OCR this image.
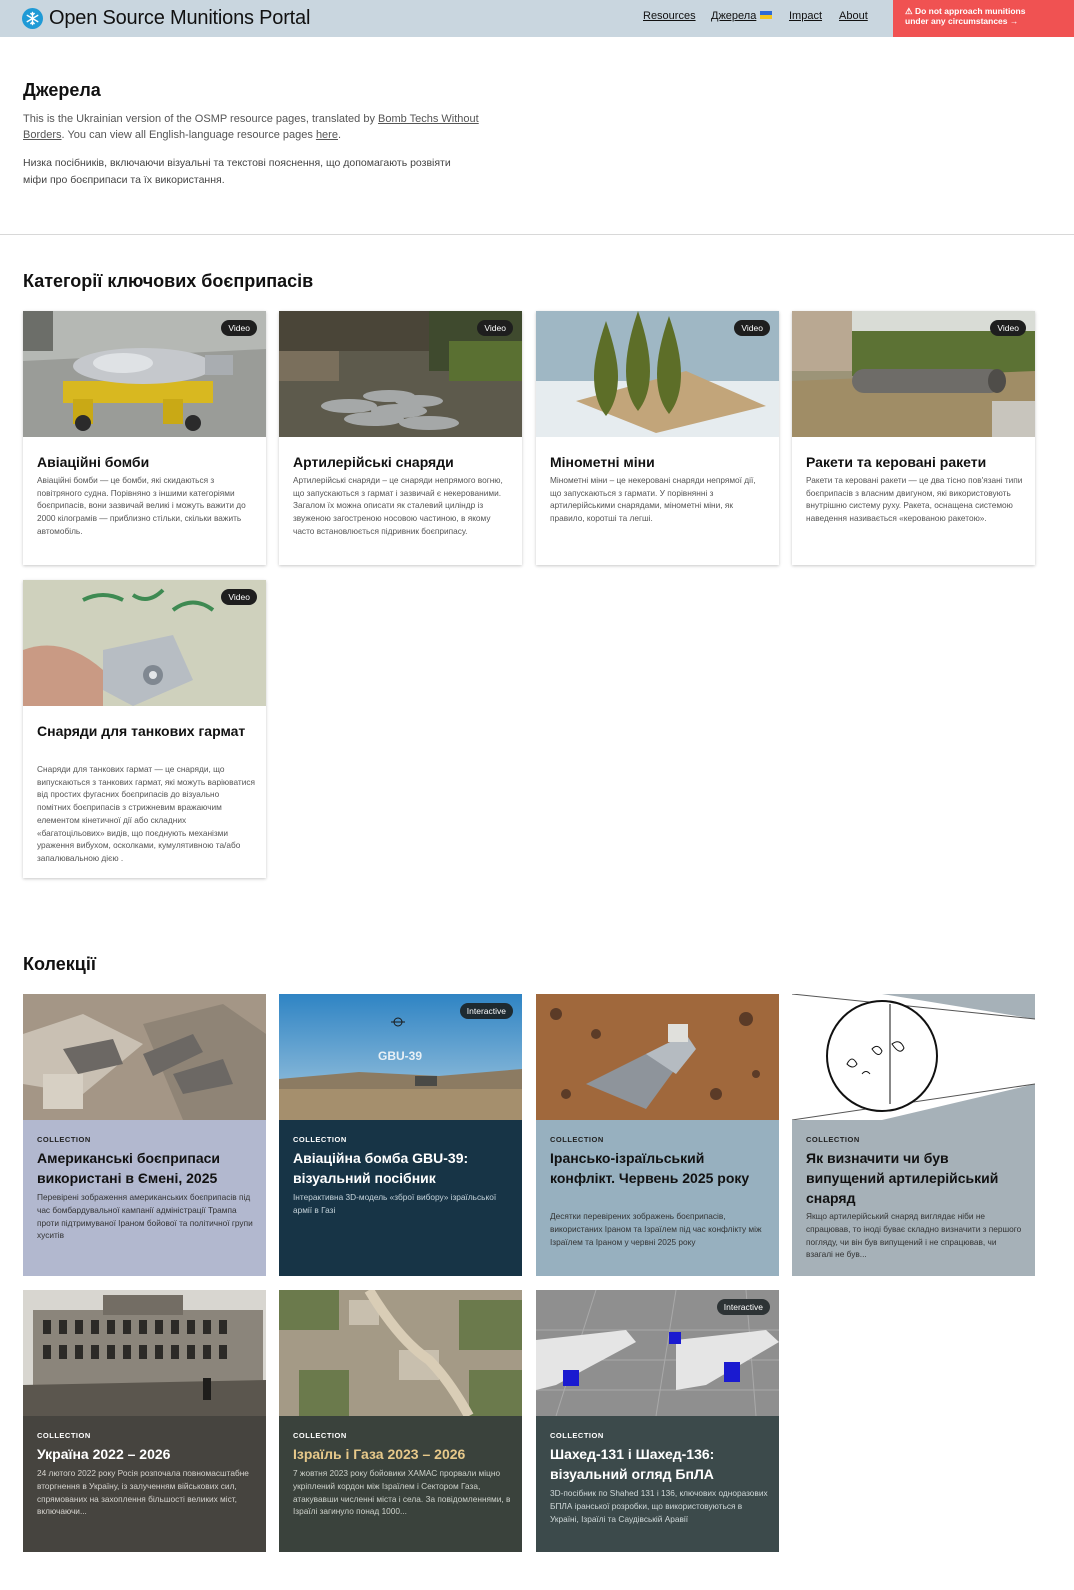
Open Source Munitions Portal	Resources Джерела	Impact About	⚠ Do not approach munitions
under any circumstances →
Джерела

This is the Ukrainian version of the OSMP resource pages, translated by Bomb Techs Without Borders. You can view all English-language resource pages here.

Низка посібників, включаючи візуальні та текстові пояснення, що допомагають розвіяти міфи про боєприпаси та їх використання.

Категорії ключових боєприпасів
Video
Авіаційні бомби
Авіаційні бомби — це бомби, які скидаються з повітряного судна. Порівняно з іншими категоріями боєприпасів, вони зазвичай великі і можуть важити до 2000 кілограмів — приблизно стільки, скільки важить автомобіль.
Video
Артилерійські снаряди
Артилерійські снаряди – це снаряди непрямого вогню, що запускаються з гармат і зазвичай є некерованими. Загалом їх можна описати як сталевий циліндр із звуженою загостреною носовою частиною, в якому часто встановлюється підривник боєприпасу.
Video
Мінометні міни
Мінометні міни – це некеровані снаряди непрямої дії, що запускаються з гармати. У порівнянні з артилерійськими снарядами, мінометні міни, як правило, коротші та легші.
Video
Ракети та керовані ракети
Ракети та керовані ракети — це два тісно пов'язані типи боєприпасів з власним двигуном, які використовують внутрішню систему руху. Ракета, оснащена системою наведення називається «керованою ракетою».
Video
Снаряди для танкових гармат
Снаряди для танкових гармат — це снаряди, що випускаються з танкових гармат, які можуть варіюватися від простих фугасних боєприпасів до візуально помітних боєприпасів з стрижневим вражаючим елементом кінетичної дії або складних «багатоцільових» видів, що поєднують механізми ураження вибухом, осколками, кумулятивною та/або запалювальною дією .
Колекції
COLLECTION
Американські боєприпаси використані в Ємені, 2025
Перевірені зображення американських боєприпасів під час бомбардувальної кампанії адміністрації Трампа проти підтримуваної Іраном бойової та політичної групи хуситів
GBU-39
Interactive
COLLECTION
Авіаційна бомба GBU-39: візуальний посібник
Інтерактивна 3D-модель «зброї вибору» ізраїльської армії в Газі
COLLECTION
Іранcько-ізраїльський конфлікт. Червень 2025 року
Десятки перевірених зображень боєприпасів, використаних Іраном та Ізраїлем під час конфлікту між Ізраїлем та Іраном у червні 2025 року
COLLECTION
Як визначити чи був випущений артилерійський снаряд
Якщо артилерійський снаряд виглядає ніби не спрацював, то іноді буває складно визначити з першого погляду, чи він був випущений і не спрацював, чи взагалі не був...
COLLECTION
Україна 2022 – 2026
24 лютого 2022 року Росія розпочала повномасштабне вторгнення в Україну, із залученням військових сил, спрямованих на захоплення більшості великих міст, включаючи...
COLLECTION
Ізраїль і Газа 2023 – 2026
7 жовтня 2023 року бойовики ХАМАС прорвали міцно укріплений кордон між Ізраїлем і Сектором Газа, атакувавши численні міста і села. За повідомленнями, в Ізраїлі загинуло понад 1000...
Interactive
COLLECTION
Шахед-131 і Шахед-136: візуальний огляд БпЛА
3D-посібник по Shahed 131 і 136, ключових одноразових БПЛА іранської розробки, що використовуються в Україні, Ізраїлі та Саудівській Аравії
